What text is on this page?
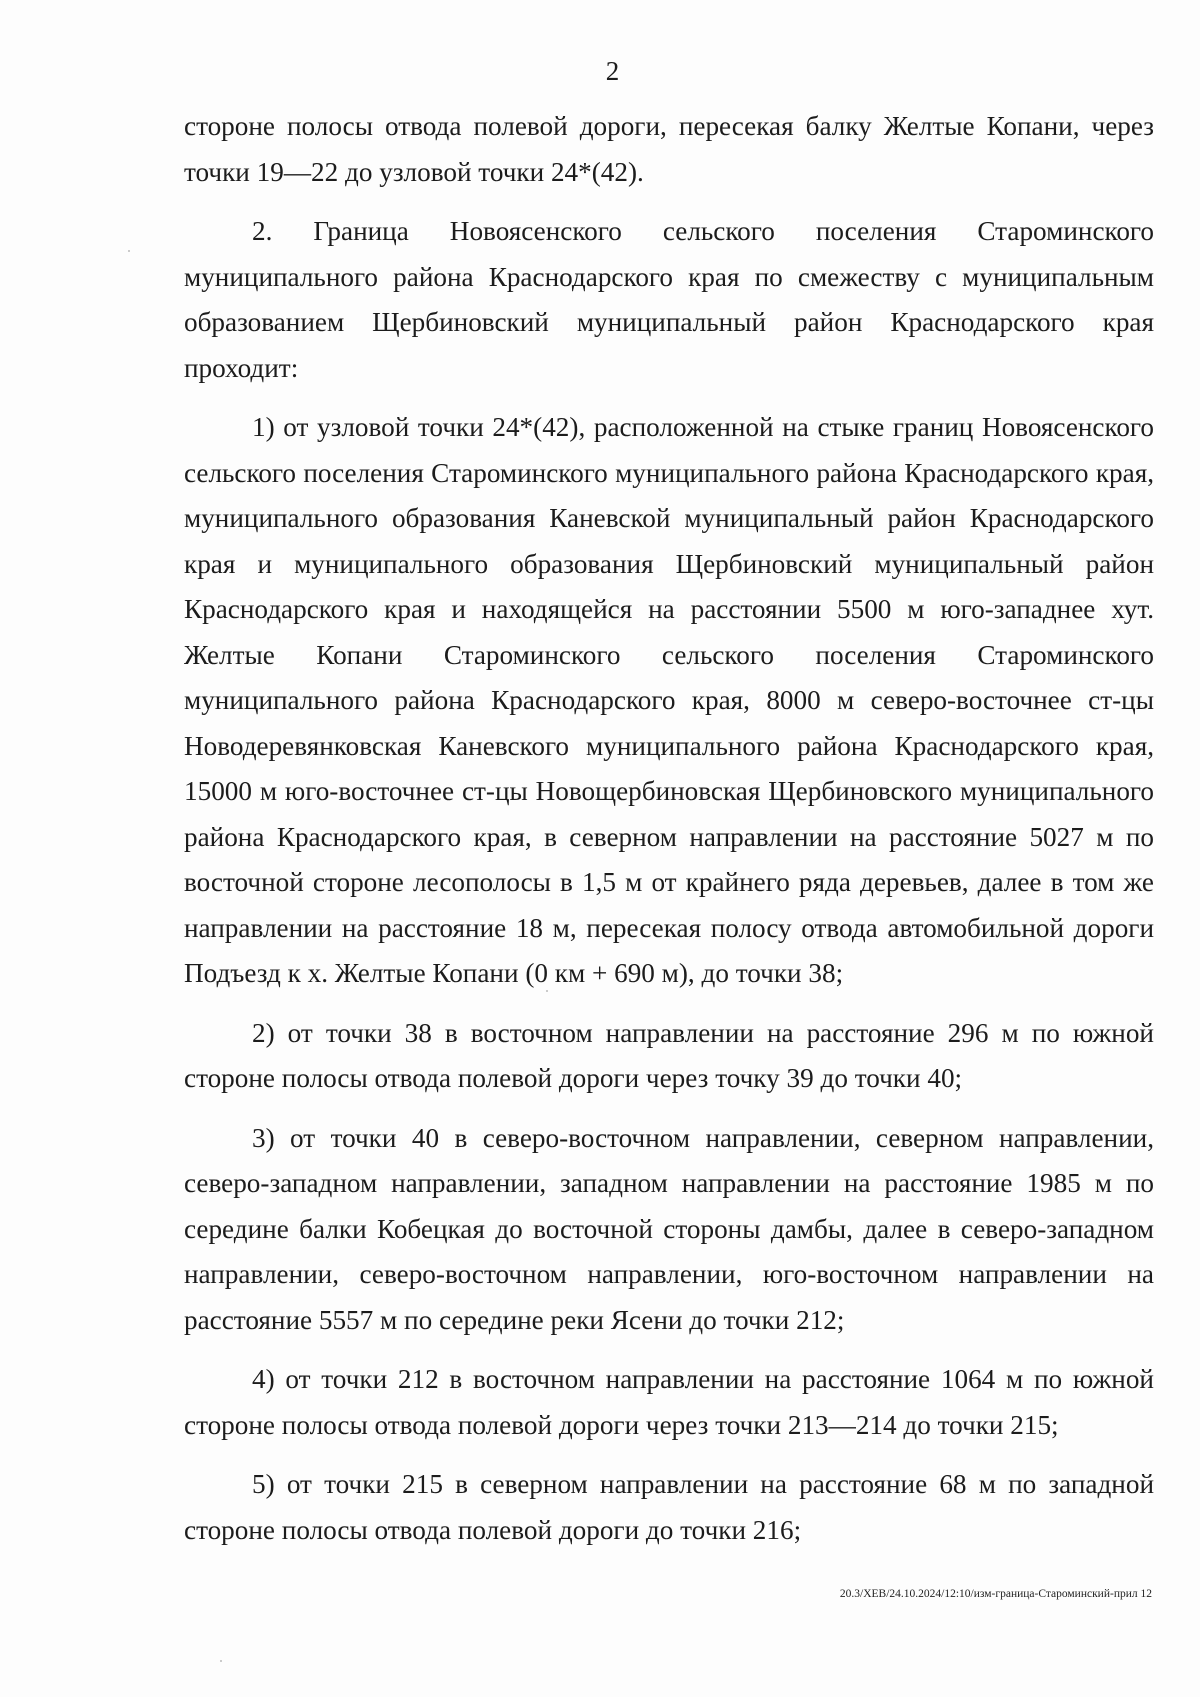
2

стороне полосы отвода полевой дороги, пересекая балку Желтые Копани, через точки 19—22 до узловой точки 24*(42).

2. Граница Новоясенского сельского поселения Староминского муниципального района Краснодарского края по смежеству с муниципальным образованием Щербиновский муниципальный район Краснодарского края проходит:

1) от узловой точки 24*(42), расположенной на стыке границ Новоясенского сельского поселения Староминского муниципального района Краснодарского края, муниципального образования Каневской муниципальный район Краснодарского края и муниципального образования Щербиновский муниципальный район Краснодарского края и находящейся на расстоянии 5500 м юго-западнее хут. Желтые Копани Староминского сельского поселения Староминского муниципального района Краснодарского края, 8000 м северо-восточнее ст-цы Новодеревянковская Каневского муниципального района Краснодарского края, 15000 м юго-восточнее ст-цы Новощербиновская Щербиновского муниципального района Краснодарского края, в северном направлении на расстояние 5027 м по восточной стороне лесополосы в 1,5 м от крайнего ряда деревьев, далее в том же направлении на расстояние 18 м, пересекая полосу отвода автомобильной дороги Подъезд к х. Желтые Копани (0 км + 690 м), до точки 38;

2) от точки 38 в восточном направлении на расстояние 296 м по южной стороне полосы отвода полевой дороги через точку 39 до точки 40;

3) от точки 40 в северо-восточном направлении, северном направлении, северо-западном направлении, западном направлении на расстояние 1985 м по середине балки Кобецкая до восточной стороны дамбы, далее в северо-западном направлении, северо-восточном направлении, юго-восточном направлении на расстояние 5557 м по середине реки Ясени до точки 212;

4) от точки 212 в восточном направлении на расстояние 1064 м по южной стороне полосы отвода полевой дороги через точки 213—214 до точки 215;

5) от точки 215 в северном направлении на расстояние 68 м по западной стороне полосы отвода полевой дороги до точки 216;

20.3/ХЕВ/24.10.2024/12:10/изм-граница-Староминский-прил 12
